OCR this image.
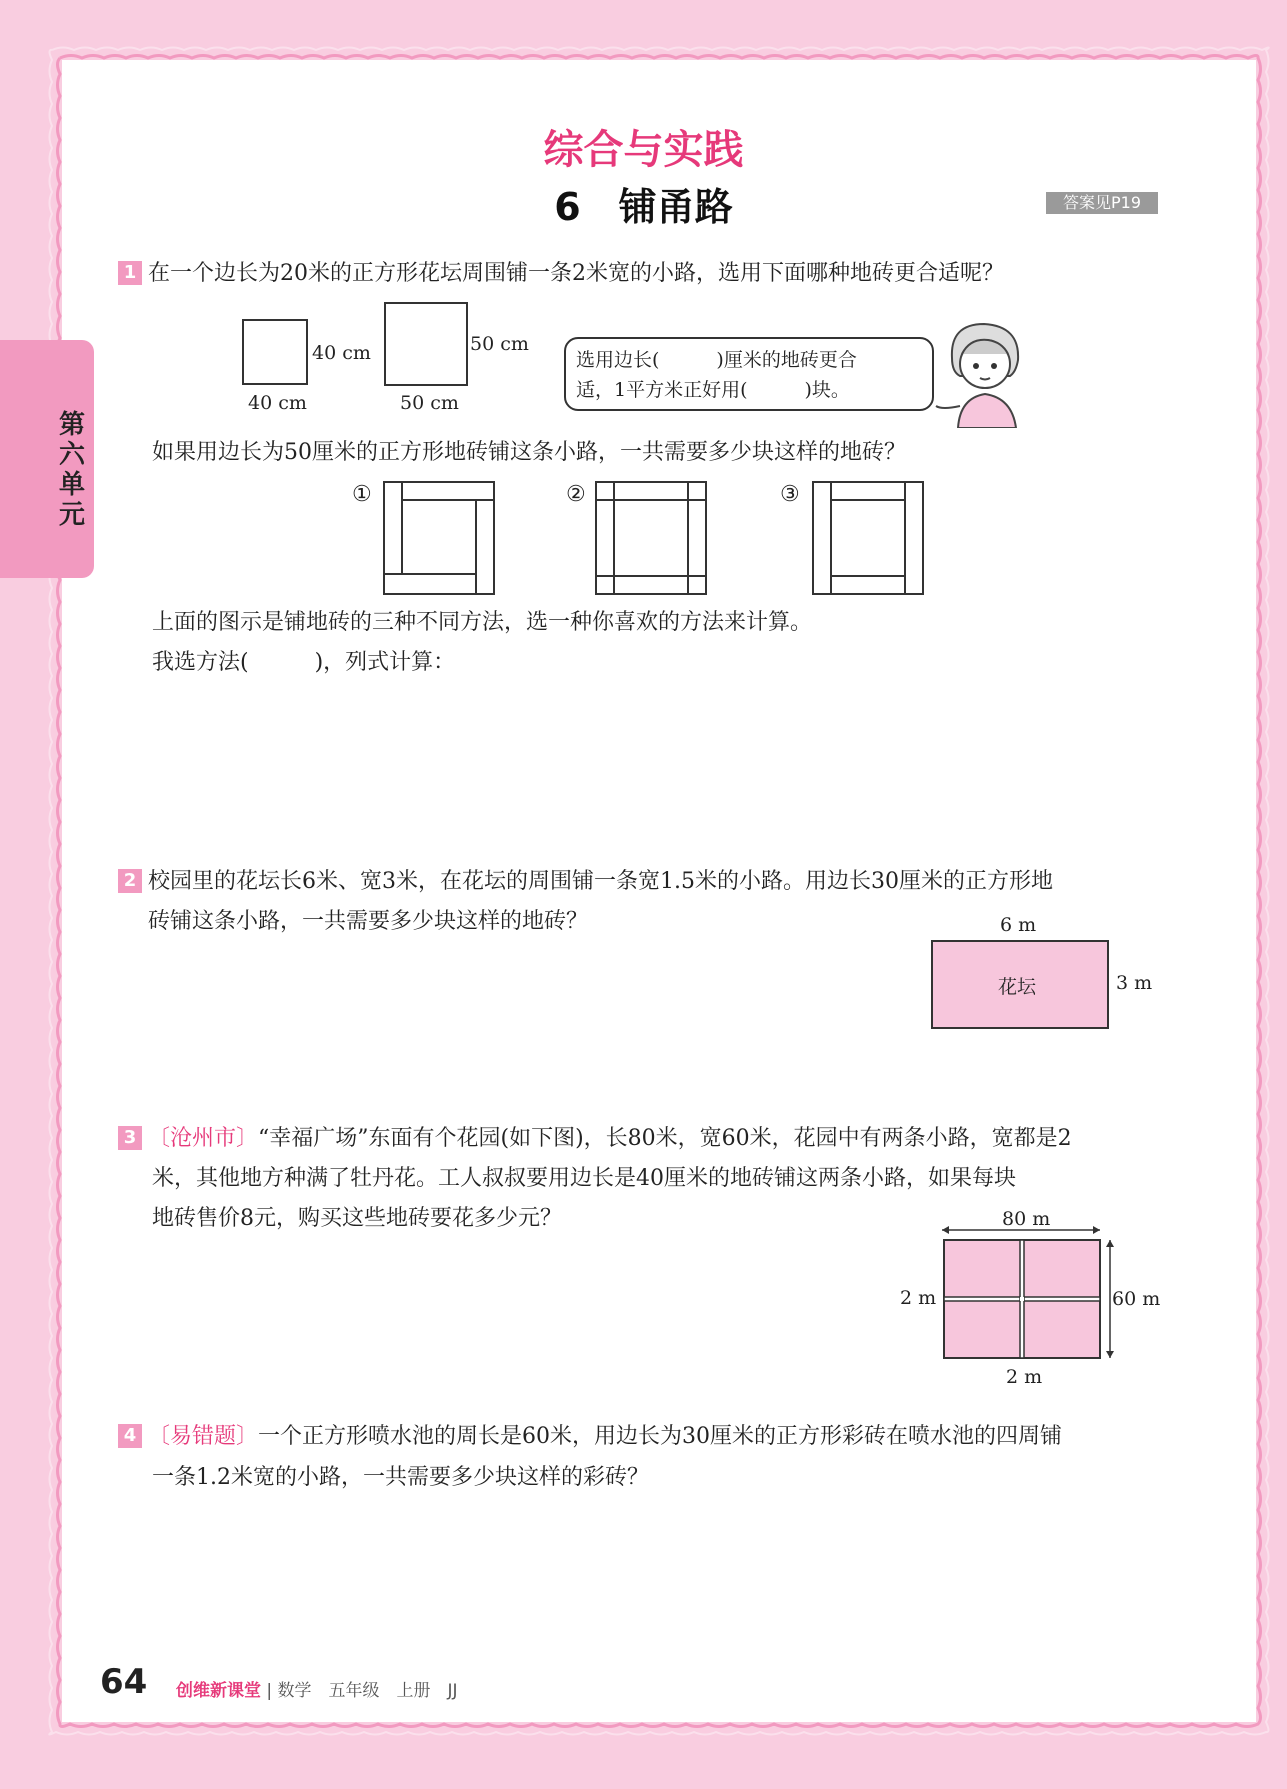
第六单元
综合与实践
6　铺甬路	答案见P19
1 在一个边长为20米的正方形花坛周围铺一条2米宽的小路，选用下面哪种地砖更合适呢？
40 cm
40 cm
50 cm
50 cm
选用边长(　　　)厘米的地砖更合
适，1平方米正好用(　　　)块。
如果用边长为50厘米的正方形地砖铺这条小路，一共需要多少块这样的地砖？
①	②	③
上面的图示是铺地砖的三种不同方法，选一种你喜欢的方法来计算。
我选方法(　　　)，列式计算：
2 校园里的花坛长6米、宽3米，在花坛的周围铺一条宽1.5米的小路。用边长30厘米的正方形地
砖铺这条小路，一共需要多少块这样的地砖？	6 m
花坛	3 m
3 〔沧州市〕“幸福广场”东面有个花园(如下图)，长80米，宽60米，花园中有两条小路，宽都是2
米，其他地方种满了牡丹花。工人叔叔要用边长是40厘米的地砖铺这两条小路，如果每块
地砖售价8元，购买这些地砖要花多少元？	80 m
2 m	60 m
2 m
4 〔易错题〕一个正方形喷水池的周长是60米，用边长为30厘米的正方形彩砖在喷水池的四周铺
一条1.2米宽的小路，一共需要多少块这样的彩砖？
64 创维新课堂 | 数学　五年级　上册　JJ
